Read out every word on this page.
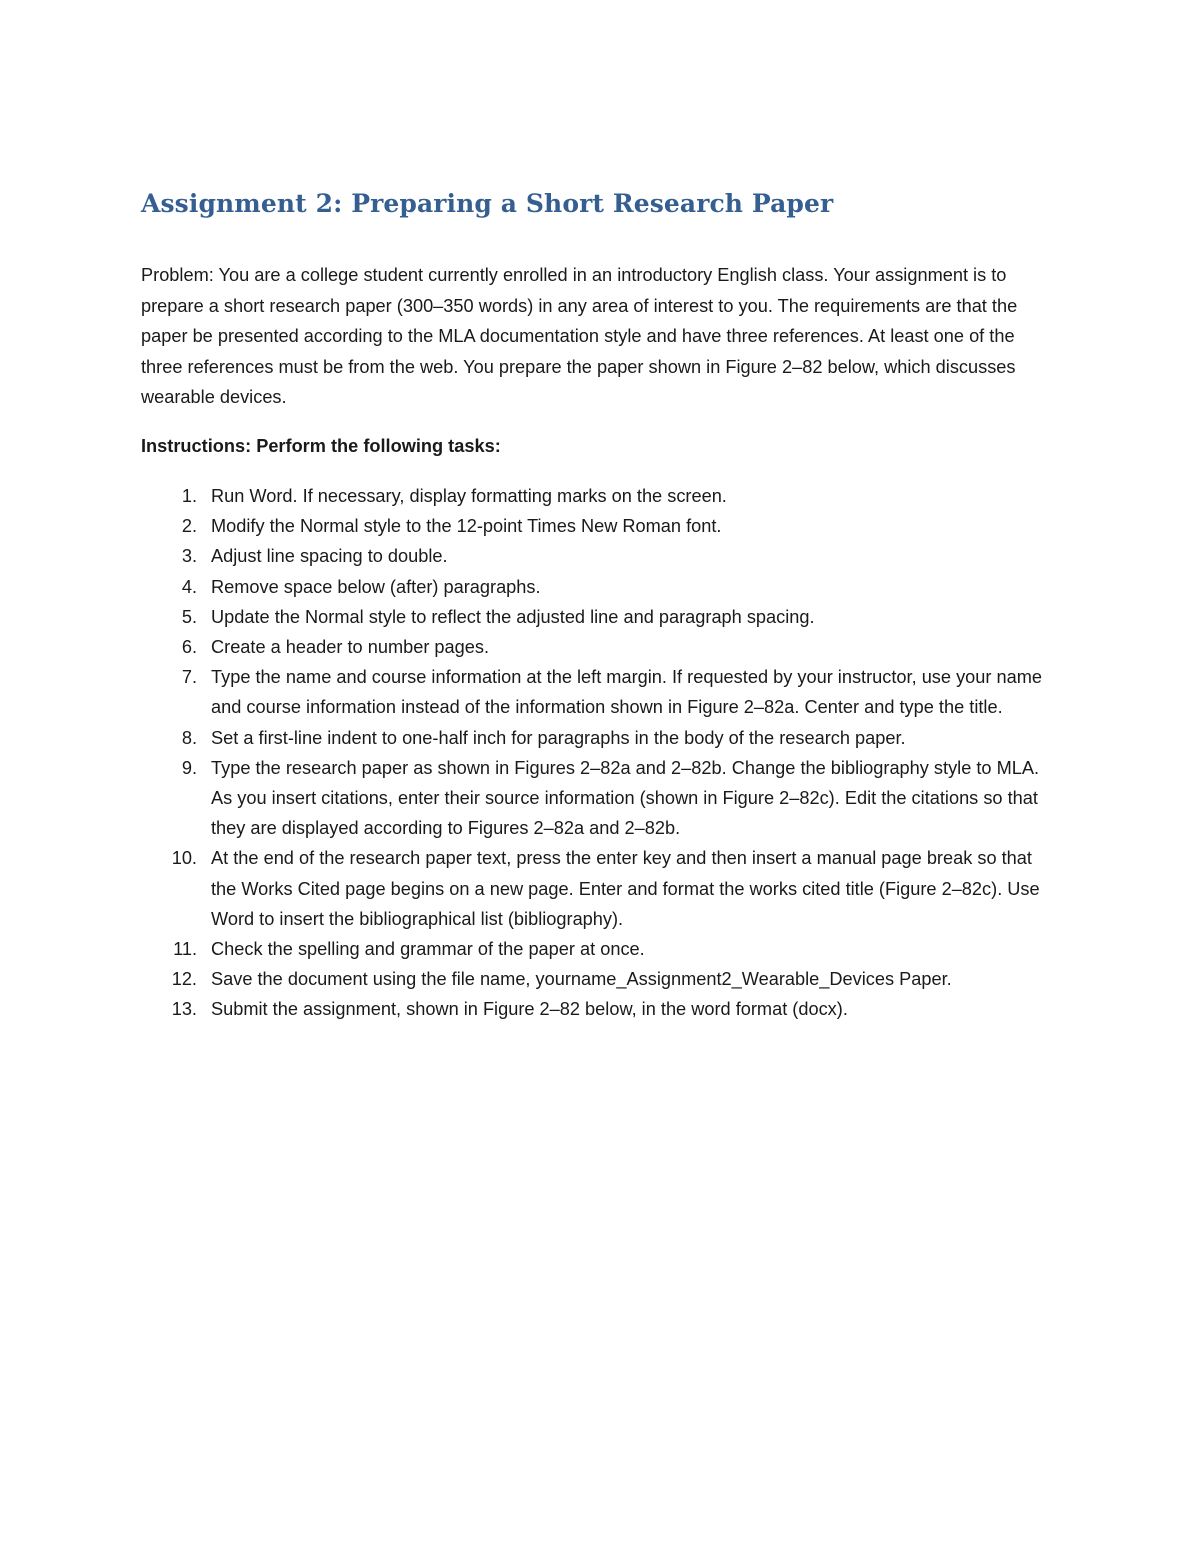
Assignment 2: Preparing a Short Research Paper

Problem: You are a college student currently enrolled in an introductory English class. Your assignment is to prepare a short research paper (300–350 words) in any area of interest to you. The requirements are that the paper be presented according to the MLA documentation style and have three references. At least one of the three references must be from the web. You prepare the paper shown in Figure 2–82 below, which discusses wearable devices.

Instructions: Perform the following tasks:

1. Run Word. If necessary, display formatting marks on the screen.
2. Modify the Normal style to the 12-point Times New Roman font.
3. Adjust line spacing to double.
4. Remove space below (after) paragraphs.
5. Update the Normal style to reflect the adjusted line and paragraph spacing.
6. Create a header to number pages.
7. Type the name and course information at the left margin. If requested by your instructor, use your name and course information instead of the information shown in Figure 2–82a. Center and type the title.
8. Set a first-line indent to one-half inch for paragraphs in the body of the research paper.
9. Type the research paper as shown in Figures 2–82a and 2–82b. Change the bibliography style to MLA. As you insert citations, enter their source information (shown in Figure 2–82c). Edit the citations so that they are displayed according to Figures 2–82a and 2–82b.
10. At the end of the research paper text, press the enter key and then insert a manual page break so that the Works Cited page begins on a new page. Enter and format the works cited title (Figure 2–82c). Use Word to insert the bibliographical list (bibliography).
11. Check the spelling and grammar of the paper at once.
12. Save the document using the file name, yourname_Assignment2_Wearable_Devices Paper.
13. Submit the assignment, shown in Figure 2–82 below, in the word format (docx).
